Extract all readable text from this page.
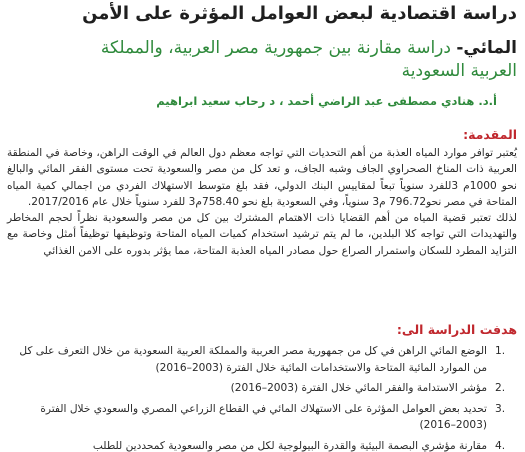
دراسة اقتصادية لبعض العوامل المؤثرة على الأمن
المائي- دراسة مقارنة بين جمهورية مصر العربية، والمملكة
العربية السعودية
أ.د. هنادي مصطفى عبد الراضي أحمد ، د رحاب سعيد ابراهيم
المقدمة:

يُعتبر توافر موارد المياه العذبة من أهم التحديات التي تواجه معظم دول العالم في الوقت الراهن، وخاصة في المنطقة العربية ذات المناخ الصحراوي الجاف وشبه الجاف، و تعد كل من مصر والسعودية تحت مستوى الفقر المائي والبالغ نحو 1000م 3للفرد سنوياً تبعاً لمقاييس البنك الدولي، فقد بلغ متوسط الاستهلاك الفردي من اجمالي كمية المياه المتاحة في مصر نحو796.72 م3 سنوياً، وفي السعودية بلغ نحو 758.40م3 للفرد سنوياً خلال عام 2017/2016.

لذلك تعتبر قضية المياه من أهم القضايا ذات الاهتمام المشترك بين كل من مصر والسعودية نظراً لحجم المخاطر والتهديدات التي تواجه كلا البلدين، ما لم يتم ترشيد استخدام كميات المياه المتاحة وتوظيفها توظيفاً أمثل وخاصة مع التزايد المطرد للسكان واستمرار الصراع حول مصادر المياه العذبة المتاحة، مما يؤثر بدوره على الامن الغذائي

هدفت الدراسة الى:
1.
الوضع المائي الراهن في كل من جمهورية مصر العربية والمملكة العربية السعودية من خلال التعرف على كل من الموارد المائية المتاحة والاستخدامات المائية خلال الفترة (2003–2016)
2.
مؤشر الاستدامة والفقر المائي خلال الفترة (2003–2016)
3.
تحديد بعض العوامل المؤثرة على الاستهلاك المائي في القطاع الزراعي المصري والسعودي خلال الفترة (2003–2016)
4.
مقارنة مؤشري البصمة البيئية والقدرة البيولوجية لكل من مصر والسعودية كمحددين للطلب
